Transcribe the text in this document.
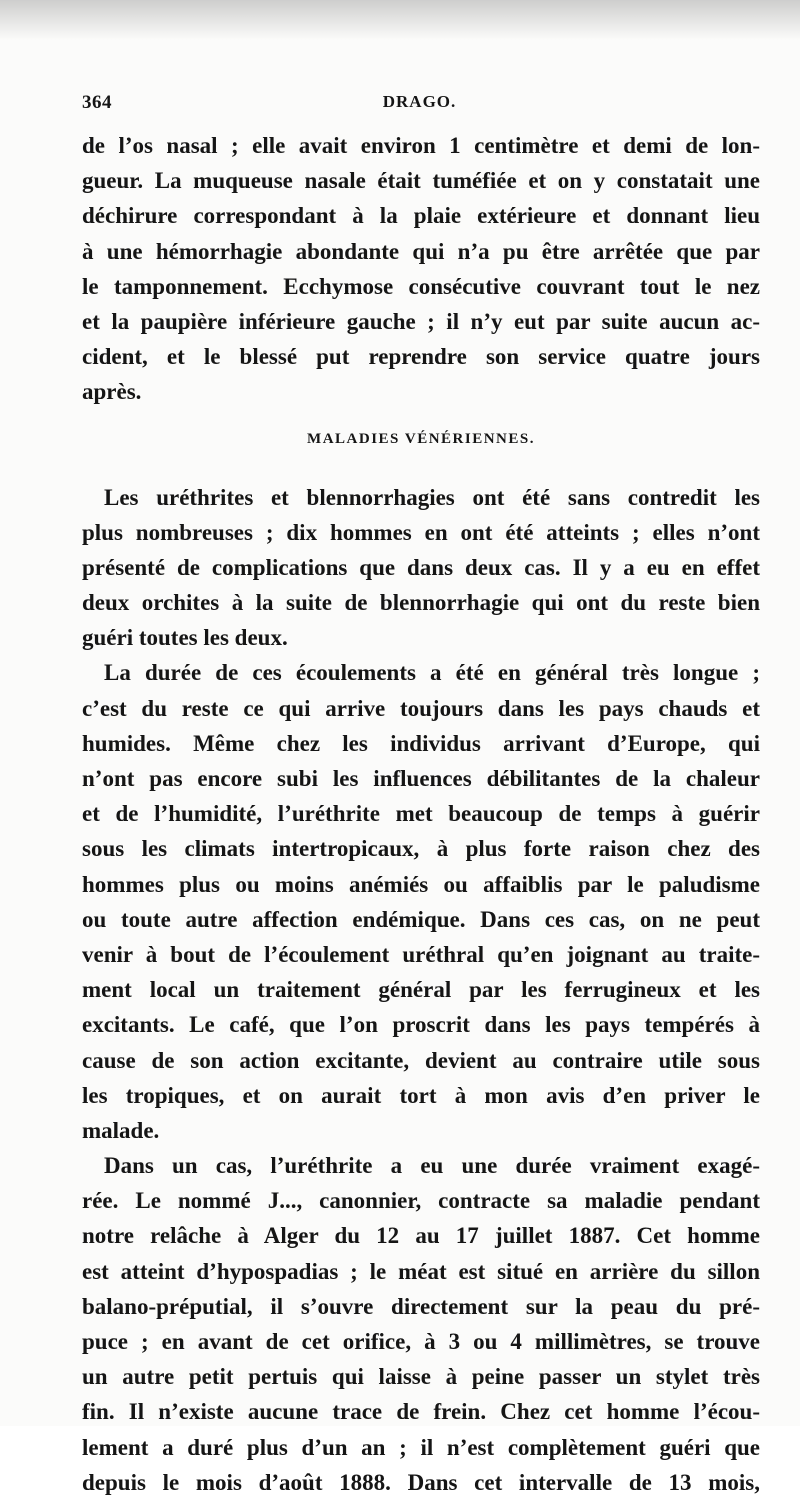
364	DRAGO.
de l’os nasal ; elle avait environ 1 centimètre et demi de lon-
gueur. La muqueuse nasale était tuméfiée et on y constatait une
déchirure correspondant à la plaie extérieure et donnant lieu
à une hémorrhagie abondante qui n’a pu être arrêtée que par
le tamponnement. Ecchymose consécutive couvrant tout le nez
et la paupière inférieure gauche ; il n’y eut par suite aucun ac-
cident, et le blessé put reprendre son service quatre jours
après.
MALADIES VÉNÉRIENNES.
Les uréthrites et blennorrhagies ont été sans contredit les
plus nombreuses ; dix hommes en ont été atteints ; elles n’ont
présenté de complications que dans deux cas. Il y a eu en effet
deux orchites à la suite de blennorrhagie qui ont du reste bien
guéri toutes les deux.
La durée de ces écoulements a été en général très longue ;
c’est du reste ce qui arrive toujours dans les pays chauds et
humides. Même chez les individus arrivant d’Europe, qui
n’ont pas encore subi les influences débilitantes de la chaleur
et de l’humidité, l’uréthrite met beaucoup de temps à guérir
sous les climats intertropicaux, à plus forte raison chez des
hommes plus ou moins anémiés ou affaiblis par le paludisme
ou toute autre affection endémique. Dans ces cas, on ne peut
venir à bout de l’écoulement uréthral qu’en joignant au traite-
ment local un traitement général par les ferrugineux et les
excitants. Le café, que l’on proscrit dans les pays tempérés à
cause de son action excitante, devient au contraire utile sous
les tropiques, et on aurait tort à mon avis d’en priver le
malade.
Dans un cas, l’uréthrite a eu une durée vraiment exagé-
rée. Le nommé J..., canonnier, contracte sa maladie pendant
notre relâche à Alger du 12 au 17 juillet 1887. Cet homme
est atteint d’hypospadias ; le méat est situé en arrière du sillon
balano-préputial, il s’ouvre directement sur la peau du pré-
puce ; en avant de cet orifice, à 3 ou 4 millimètres, se trouve
un autre petit pertuis qui laisse à peine passer un stylet très
fin. Il n’existe aucune trace de frein. Chez cet homme l’écou-
lement a duré plus d’un an ; il n’est complètement guéri que
depuis le mois d’août 1888. Dans cet intervalle de 13 mois,
